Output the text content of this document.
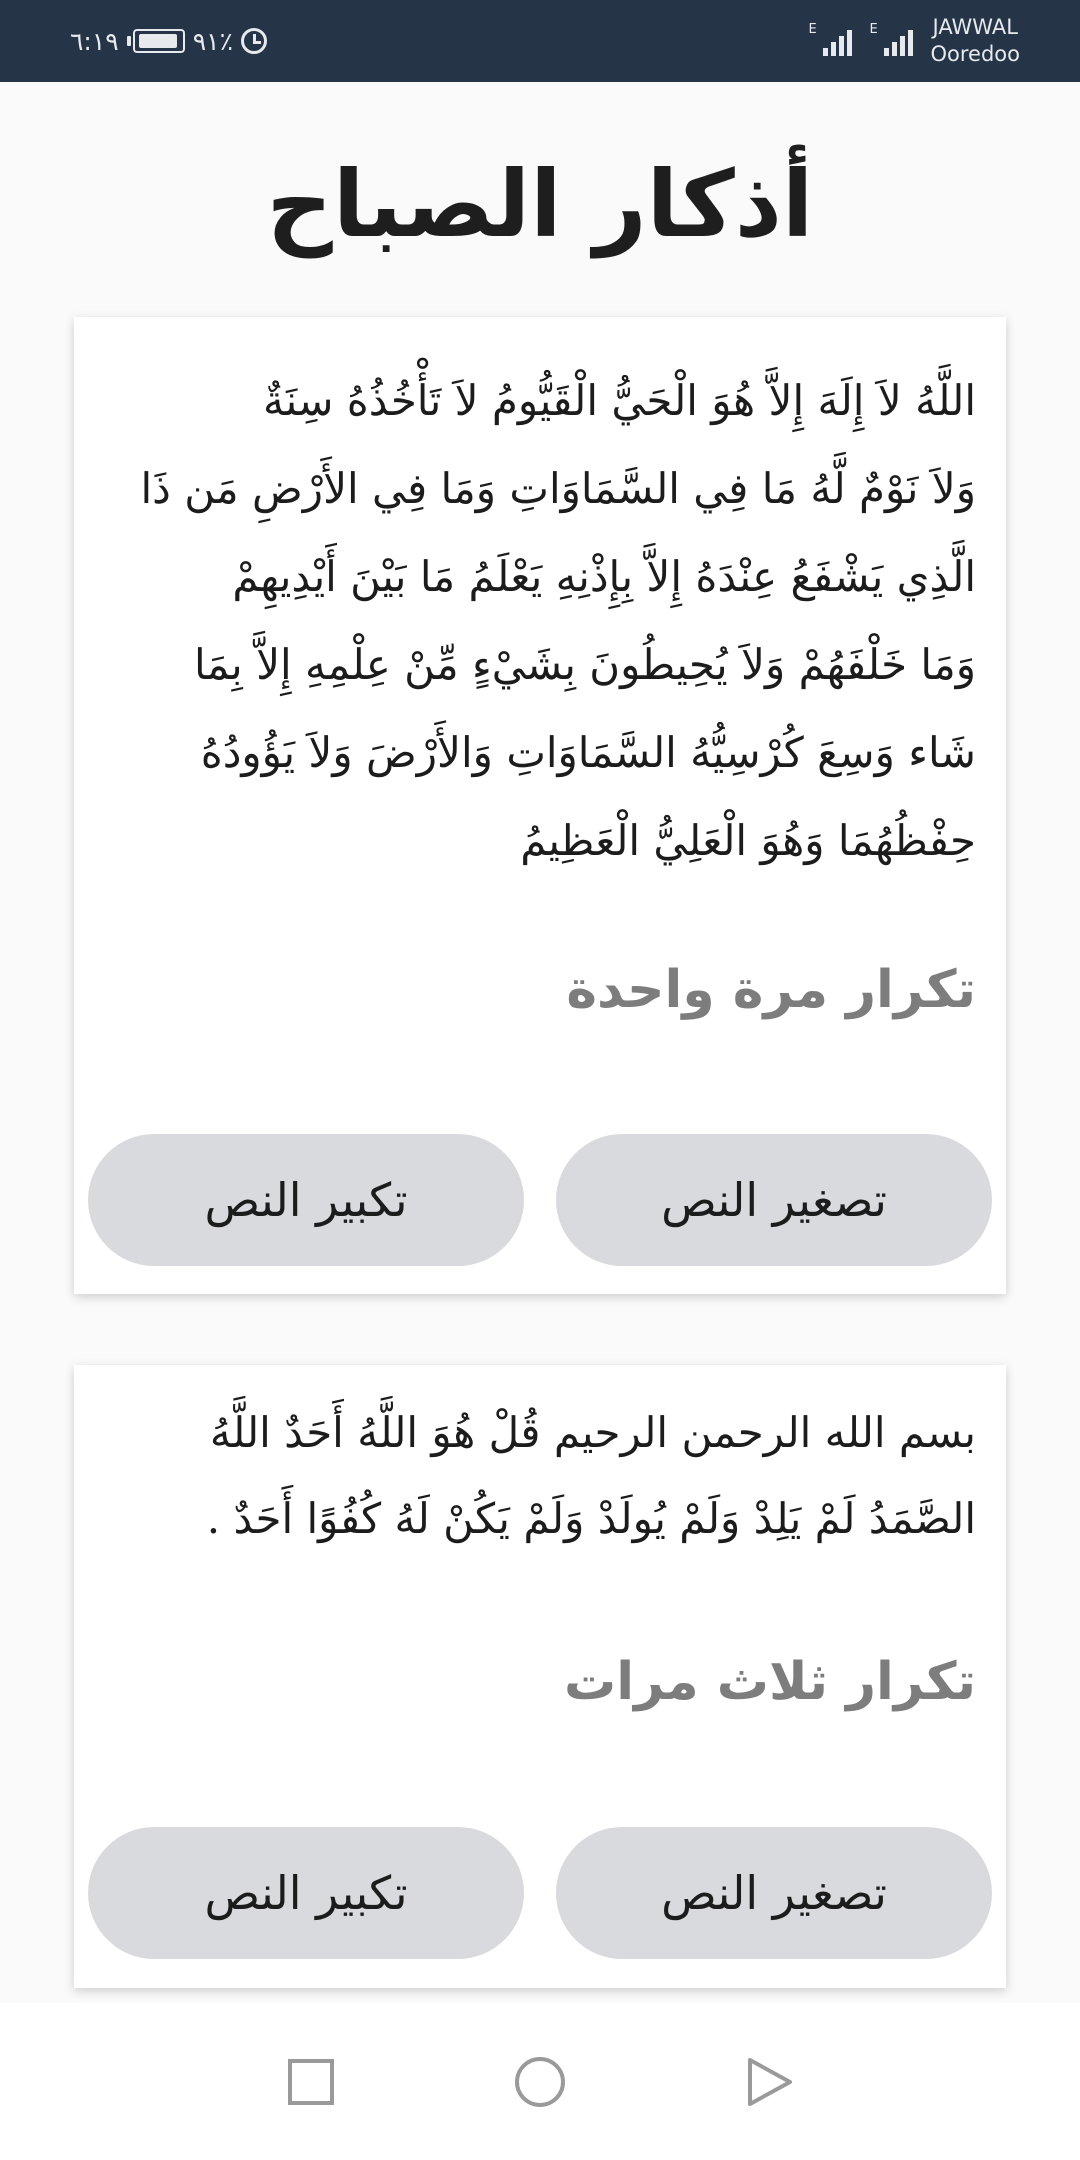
٦:١٩	٩١٪	E	E	JAWWAL
Ooredoo
أذكار الصباح
اللَّهُ لاَ إِلَهَ إِلاَّ هُوَ الْحَيُّ الْقَيُّومُ لاَ تَأْخُذُهُ سِنَةٌ
وَلاَ نَوْمٌ لَّهُ مَا فِي السَّمَاوَاتِ وَمَا فِي الأَرْضِ مَن ذَا
الَّذِي يَشْفَعُ عِنْدَهُ إِلاَّ بِإِذْنِهِ يَعْلَمُ مَا بَيْنَ أَيْدِيهِمْ
وَمَا خَلْفَهُمْ وَلاَ يُحِيطُونَ بِشَيْءٍ مِّنْ عِلْمِهِ إِلاَّ بِمَا
شَاء وَسِعَ كُرْسِيُّهُ السَّمَاوَاتِ وَالأَرْضَ وَلاَ يَؤُودُهُ
حِفْظُهُمَا وَهُوَ الْعَلِيُّ الْعَظِيمُ
تكرار مرة واحدة
تصغير النص
تكبير النص
بسم الله الرحمن الرحيم قُلْ هُوَ اللَّهُ أَحَدٌ اللَّهُ
الصَّمَدُ لَمْ يَلِدْ وَلَمْ يُولَدْ وَلَمْ يَكُنْ لَهُ كُفُوًا أَحَدٌ .
تكرار ثلاث مرات
تصغير النص
تكبير النص
